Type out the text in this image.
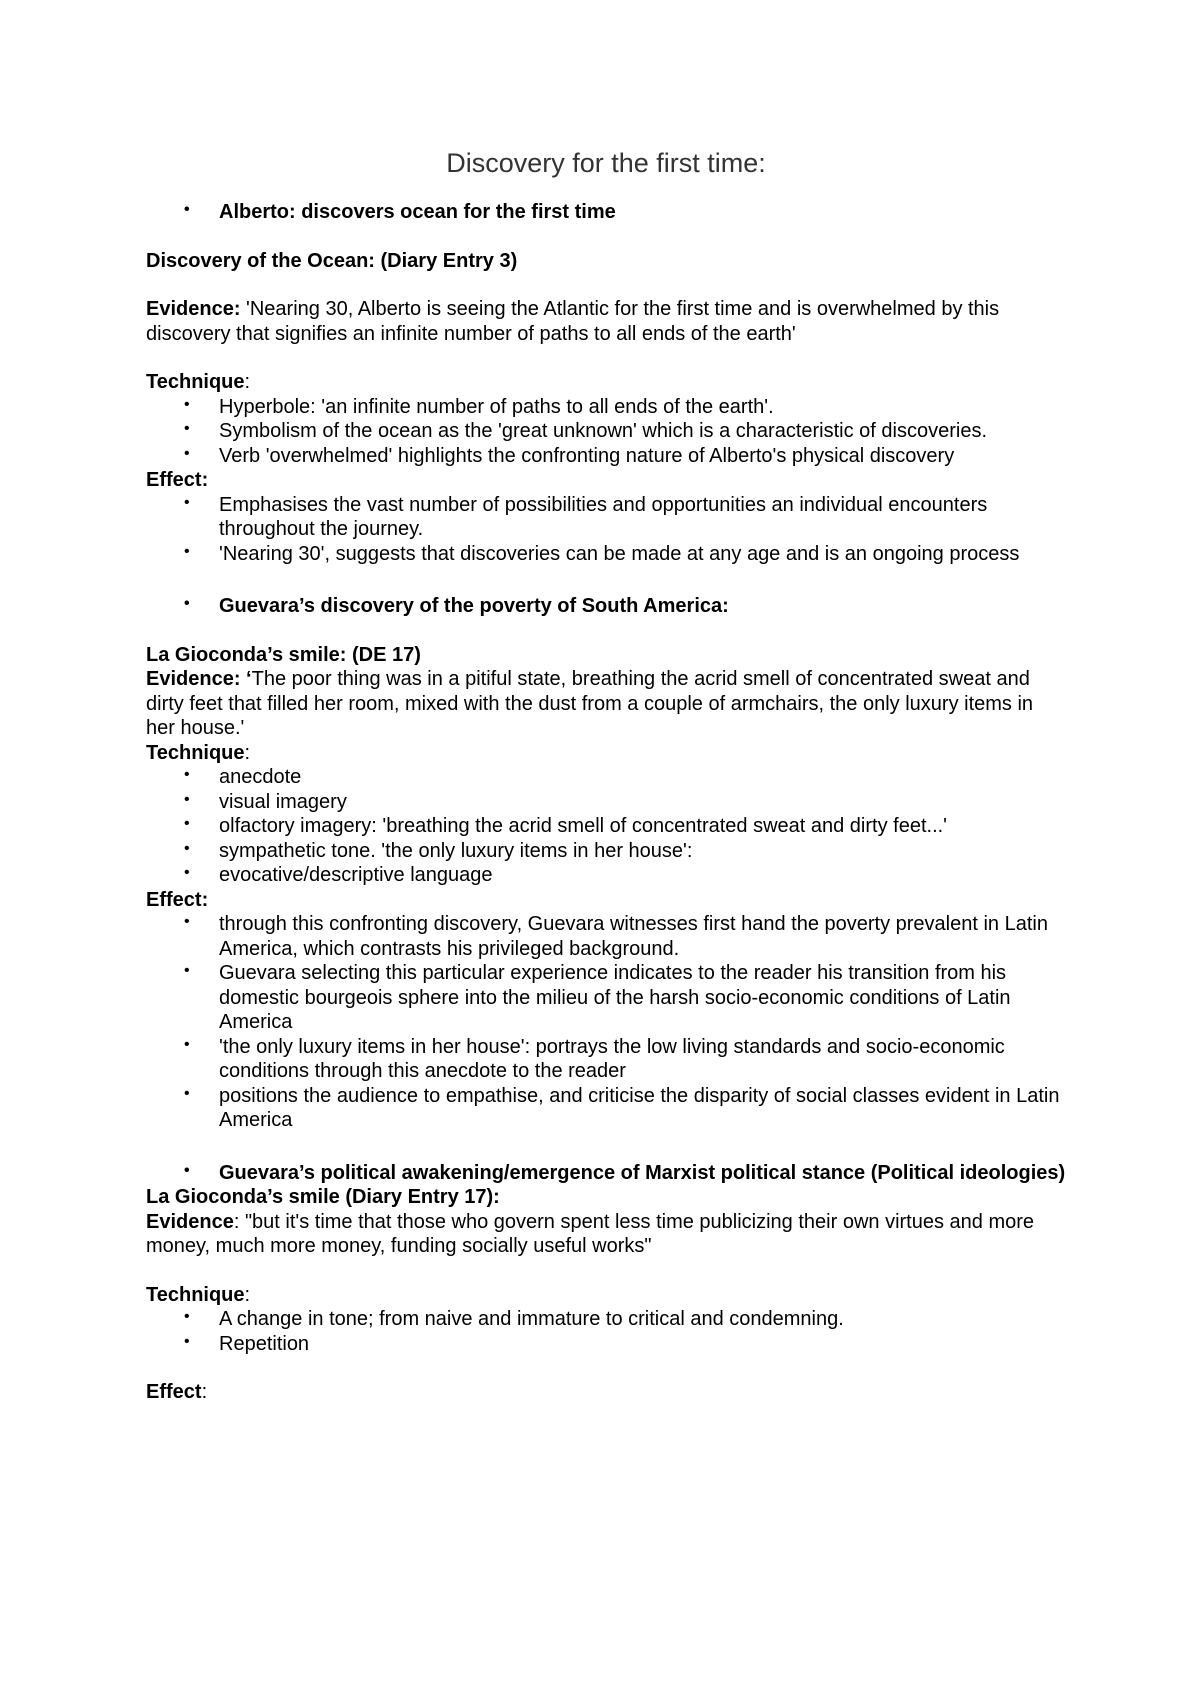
Discovery for the first time:
• Alberto: discovers ocean for the first time

Discovery of the Ocean: (Diary Entry 3)

Evidence: 'Nearing 30, Alberto is seeing the Atlantic for the first time and is overwhelmed by this discovery that signifies an infinite number of paths to all ends of the earth'

Technique:

• Hyperbole: 'an infinite number of paths to all ends of the earth'.
• Symbolism of the ocean as the 'great unknown' which is a characteristic of discoveries.
• Verb 'overwhelmed' highlights the confronting nature of Alberto's physical discovery

Effect:

• Emphasises the vast number of possibilities and opportunities an individual encounters throughout the journey.
• 'Nearing 30', suggests that discoveries can be made at any age and is an ongoing process
• Guevara’s discovery of the poverty of South America:

La Gioconda’s smile: (DE 17)

Evidence: ‘The poor thing was in a pitiful state, breathing the acrid smell of concentrated sweat and dirty feet that filled her room, mixed with the dust from a couple of armchairs, the only luxury items in her house.'

Technique:

• anecdote
• visual imagery
• olfactory imagery: 'breathing the acrid smell of concentrated sweat and dirty feet...'
• sympathetic tone. 'the only luxury items in her house':
• evocative/descriptive language

Effect:

• through this confronting discovery, Guevara witnesses first hand the poverty prevalent in Latin America, which contrasts his privileged background.
• Guevara selecting this particular experience indicates to the reader his transition from his domestic bourgeois sphere into the milieu of the harsh socio-economic conditions of Latin America
• 'the only luxury items in her house': portrays the low living standards and socio-economic conditions through this anecdote to the reader
• positions the audience to empathise, and criticise the disparity of social classes evident in Latin America
• Guevara’s political awakening/emergence of Marxist political stance (Political ideologies)

La Gioconda’s smile (Diary Entry 17):

Evidence: "but it's time that those who govern spent less time publicizing their own virtues and more money, much more money, funding socially useful works"

Technique:

• A change in tone; from naive and immature to critical and condemning.
• Repetition

Effect:
